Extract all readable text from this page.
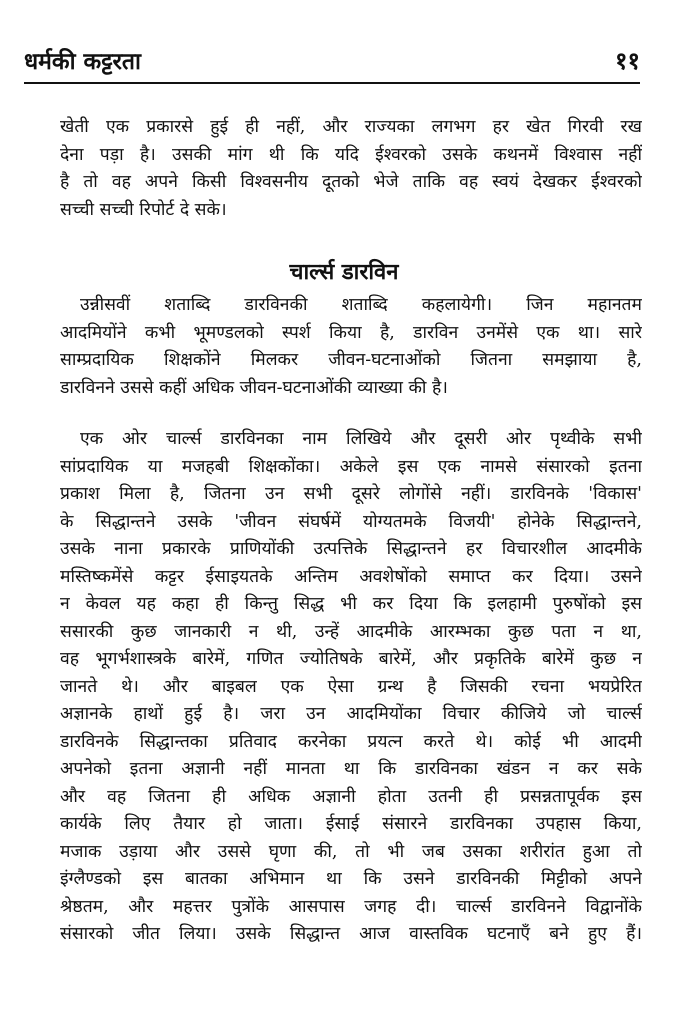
धर्मकी कट्टरता	११
खेती एक प्रकारसे हुई ही नहीं, और राज्यका लगभग हर खेत गिरवी रख
देना पड़ा है। उसकी मांग थी कि यदि ईश्वरको उसके कथनमें विश्वास नहीं
है तो वह अपने किसी विश्वसनीय दूतको भेजे ताकि वह स्वयं देखकर ईश्वरको
सच्ची सच्ची रिपोर्ट दे सके।
चार्ल्स डारविन
उन्नीसवीं शताब्दि डारविनकी शताब्दि कहलायेगी। जिन महानतम
आदमियोंने कभी भूमण्डलको स्पर्श किया है, डारविन उनमेंसे एक था। सारे
साम्प्रदायिक शिक्षकोंने मिलकर जीवन-घटनाओंको जितना समझाया है,
डारविनने उससे कहीं अधिक जीवन-घटनाओंकी व्याख्या की है।
एक ओर चार्ल्स डारविनका नाम लिखिये और दूसरी ओर पृथ्वीके सभी
सांप्रदायिक या मजहबी शिक्षकोंका। अकेले इस एक नामसे संसारको इतना
प्रकाश मिला है, जितना उन सभी दूसरे लोगोंसे नहीं। डारविनके 'विकास'
के सिद्धान्तने उसके 'जीवन संघर्षमें योग्यतमके विजयी' होनेके सिद्धान्तने,
उसके नाना प्रकारके प्राणियोंकी उत्पत्तिके सिद्धान्तने हर विचारशील आदमीके
मस्तिष्कमेंसे कट्टर ईसाइयतके अन्तिम अवशेषोंको समाप्त कर दिया। उसने
न केवल यह कहा ही किन्तु सिद्ध भी कर दिया कि इलहामी पुरुषोंको इस
ससारकी कुछ जानकारी न थी, उन्हें आदमीके आरम्भका कुछ पता न था,
वह भूगर्भशास्त्रके बारेमें, गणित ज्योतिषके बारेमें, और प्रकृतिके बारेमें कुछ न
जानते थे। और बाइबल एक ऐसा ग्रन्थ है जिसकी रचना भयप्रेरित
अज्ञानके हाथों हुई है। जरा उन आदमियोंका विचार कीजिये जो चार्ल्स
डारविनके सिद्धान्तका प्रतिवाद करनेका प्रयत्न करते थे। कोई भी आदमी
अपनेको इतना अज्ञानी नहीं मानता था कि डारविनका खंडन न कर सके
और वह जितना ही अधिक अज्ञानी होता उतनी ही प्रसन्नतापूर्वक इस
कार्यके लिए तैयार हो जाता। ईसाई संसारने डारविनका उपहास किया,
मजाक उड़ाया और उससे घृणा की, तो भी जब उसका शरीरांत हुआ तो
इंग्लैण्डको इस बातका अभिमान था कि उसने डारविनकी मिट्टीको अपने
श्रेष्ठतम, और महत्तर पुत्रोंके आसपास जगह दी। चार्ल्स डारविनने विद्वानोंके
संसारको जीत लिया। उसके सिद्धान्त आज वास्तविक घटनाएँ बने हुए हैं।
